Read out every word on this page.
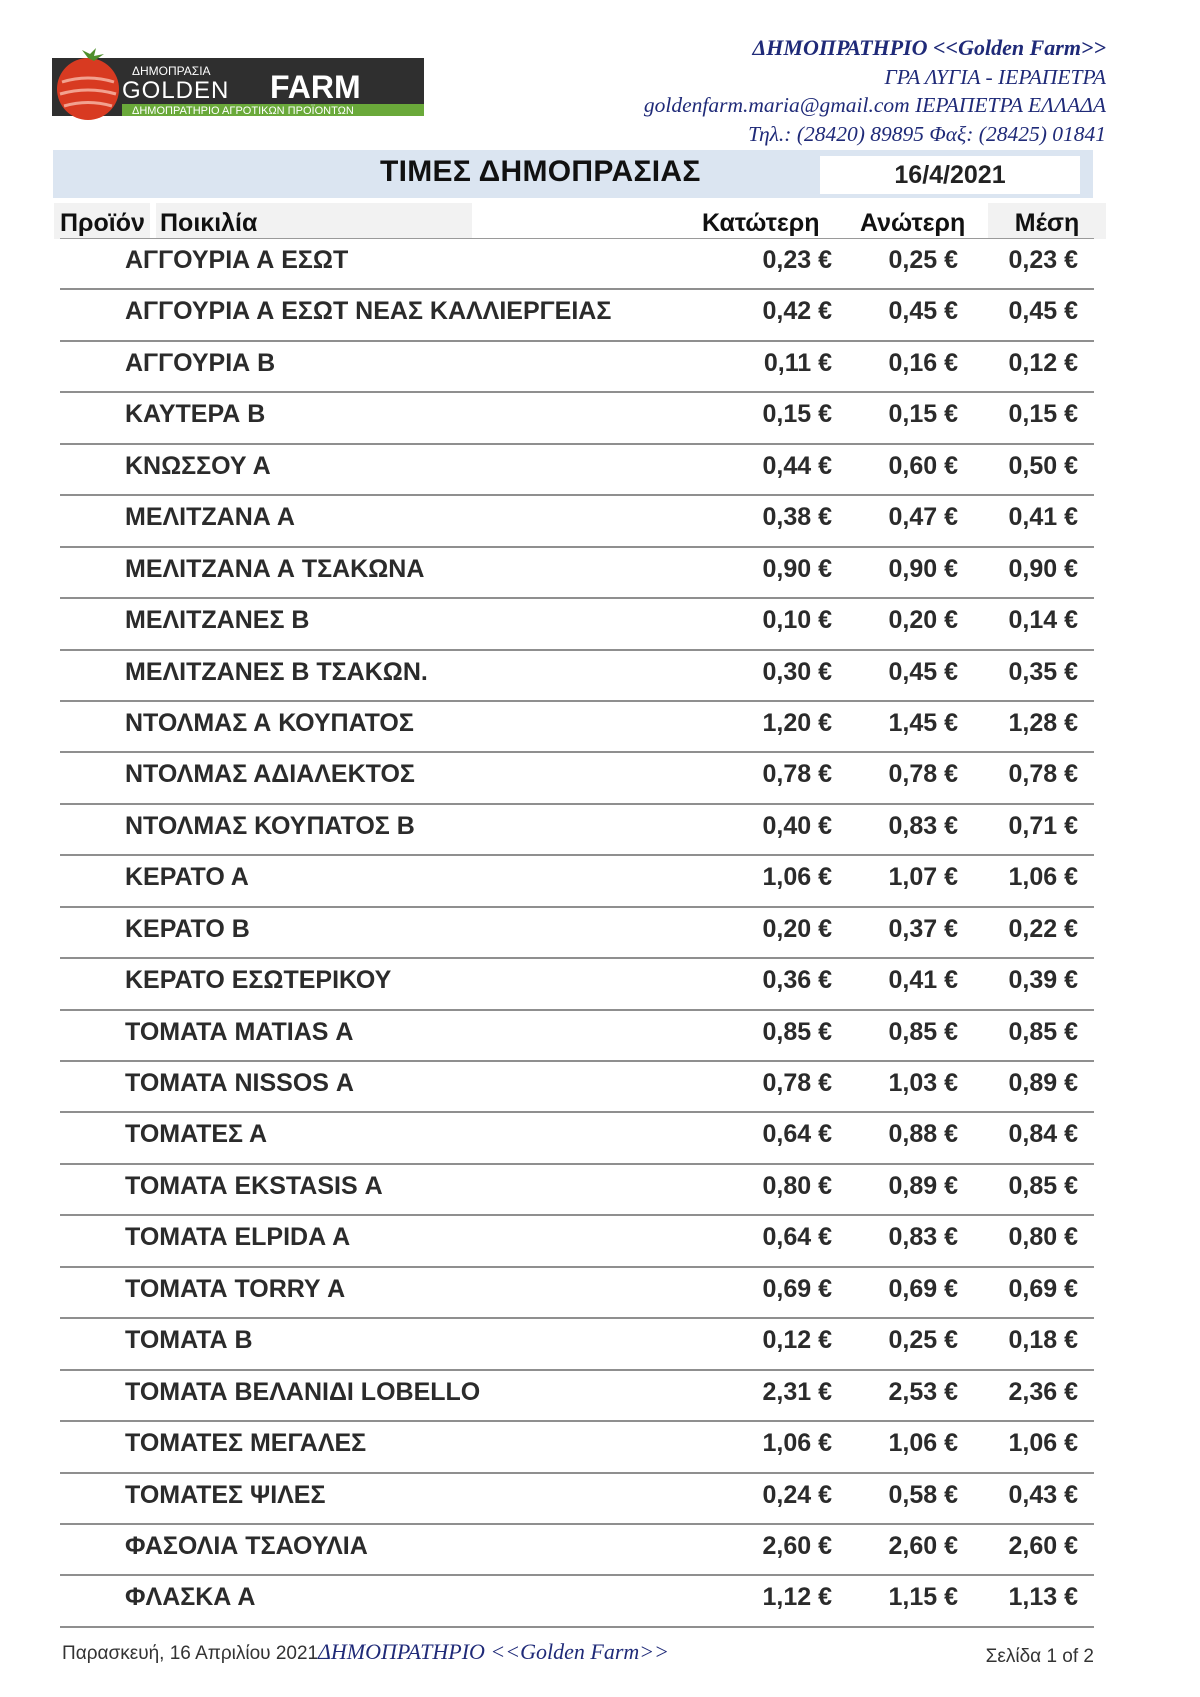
ΔΗΜΟΠΡΑΣΙΑ
GOLDEN FARM
ΔΗΜΟΠΡΑΤΗΡΙΟ ΑΓΡΟΤΙΚΩΝ ΠΡΟΪΟΝΤΩΝ
ΔΗΜΟΠΡΑΤΗΡΙΟ <<Golden Farm>>
ΓΡΑ ΛΥΓΙΑ - ΙΕΡΑΠΕΤΡΑ
goldenfarm.maria@gmail.com ΙΕΡΑΠΕΤΡΑ ΕΛΛΑΔΑ
Τηλ.: (28420) 89895 Φαξ: (28425) 01841
ΤΙΜΕΣ ΔΗΜΟΠΡΑΣΙΑΣ	16/4/2021
Προϊόν Ποικιλία	Κατώτερη	Ανώτερη	Μέση
ΑΓΓΟΥΡΙΑ Α ΕΣΩΤ	0,23 € 0,25 € 0,23 €
ΑΓΓΟΥΡΙΑ Α ΕΣΩΤ ΝΕΑΣ ΚΑΛΛΙΕΡΓΕΙΑΣ	0,42 € 0,45 € 0,45 €
ΑΓΓΟΥΡΙΑ Β	0,11 € 0,16 € 0,12 €
ΚΑΥΤΕΡΑ Β	0,15 € 0,15 € 0,15 €
ΚΝΩΣΣΟΥ Α	0,44 € 0,60 € 0,50 €
ΜΕΛΙΤΖΑΝΑ Α	0,38 € 0,47 € 0,41 €
ΜΕΛΙΤΖΑΝΑ Α ΤΣΑΚΩΝΑ	0,90 € 0,90 € 0,90 €
ΜΕΛΙΤΖΑΝΕΣ Β	0,10 € 0,20 € 0,14 €
ΜΕΛΙΤΖΑΝΕΣ Β ΤΣΑΚΩΝ.	0,30 € 0,45 € 0,35 €
ΝΤΟΛΜΑΣ Α ΚΟΥΠΑΤΟΣ	1,20 € 1,45 € 1,28 €
ΝΤΟΛΜΑΣ ΑΔΙΑΛΕΚΤΟΣ	0,78 € 0,78 € 0,78 €
ΝΤΟΛΜΑΣ ΚΟΥΠΑΤΟΣ Β	0,40 € 0,83 € 0,71 €
ΚΕΡΑΤΟ Α	1,06 € 1,07 € 1,06 €
ΚΕΡΑΤΟ Β	0,20 € 0,37 € 0,22 €
ΚΕΡΑΤΟ ΕΣΩΤΕΡΙΚΟΥ	0,36 € 0,41 € 0,39 €
ΤΟΜΑΤΑ MATIAS Α	0,85 € 0,85 € 0,85 €
ΤΟΜΑΤΑ NISSOS Α	0,78 € 1,03 € 0,89 €
ΤΟΜΑΤΕΣ Α	0,64 € 0,88 € 0,84 €
ΤΟΜΑΤΑ EKSTASIS Α	0,80 € 0,89 € 0,85 €
ΤΟΜΑΤΑ ELPIDA Α	0,64 € 0,83 € 0,80 €
ΤΟΜΑΤΑ TORRY Α	0,69 € 0,69 € 0,69 €
ΤΟΜΑΤΑ Β	0,12 € 0,25 € 0,18 €
ΤΟΜΑΤΑ ΒΕΛΑΝΙΔΙ LOBELLO	2,31 € 2,53 € 2,36 €
ΤΟΜΑΤΕΣ ΜΕΓΑΛΕΣ	1,06 € 1,06 € 1,06 €
ΤΟΜΑΤΕΣ ΨΙΛΕΣ	0,24 € 0,58 € 0,43 €
ΦΑΣΟΛΙΑ ΤΣΑΟΥΛΙΑ	2,60 € 2,60 € 2,60 €
ΦΛΑΣΚΑ Α	1,12 € 1,15 € 1,13 €
Παρασκευή, 16 Απριλίου 2021 ΔΗΜΟΠΡΑΤΗΡΙΟ <<Golden Farm>>	Σελίδα 1 of 2
